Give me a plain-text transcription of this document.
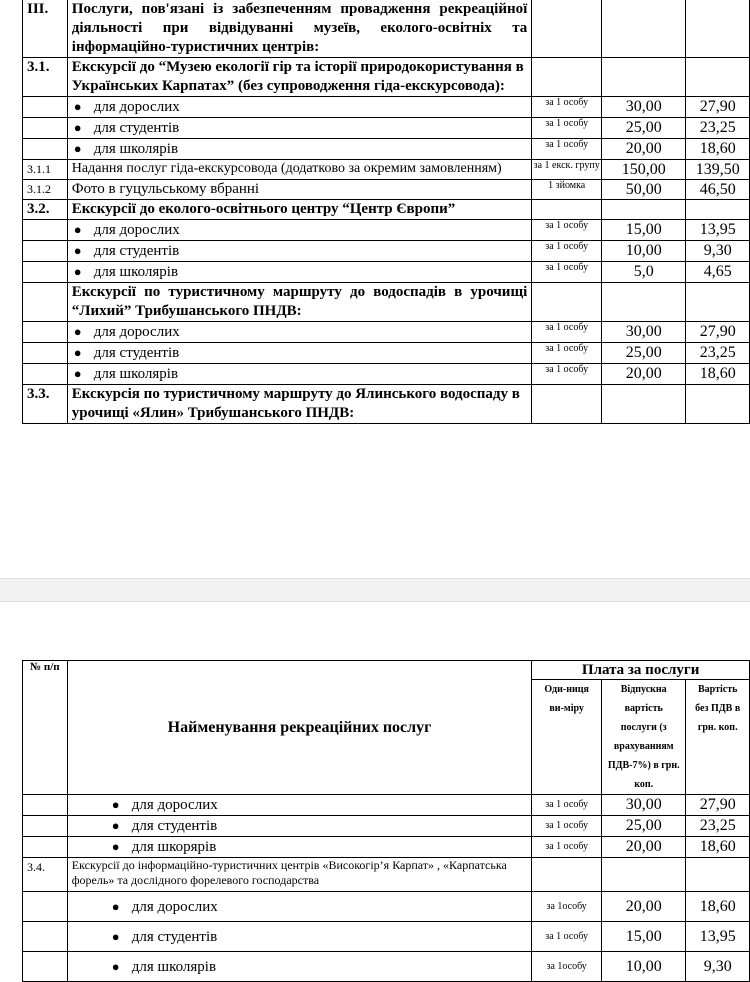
III.	Послуги, пов'язані із забезпеченням провадження рекреаційної діяльності при відвідуванні музеїв, еколого-освітніх та інформаційно-туристичних центрів:			
3.1.	Екскурсії до “Музею екології гір та історії природокористування в Українських Карпатах” (без супроводження гіда-екскурсовода):			
	● для дорослих	за 1 особу	30,00	27,90
	● для студентів	за 1 особу	25,00	23,25
	● для школярів	за 1 особу	20,00	18,60
3.1.1	Надання послуг гіда-екскурсовода (додатково за окремим замовленням)	за 1 екск. групу	150,00	139,50
3.1.2	Фото в гуцульському вбранні	1 зйомка	50,00	46,50
3.2.	Екскурсії до еколого-освітнього центру “Центр Європи”			
	● для дорослих	за 1 особу	15,00	13,95
	● для студентів	за 1 особу	10,00	9,30
	● для школярів	за 1 особу	5,0	4,65
	Екскурсії по туристичному маршруту до водоспадів в урочищі “Лихий” Трибушанського ПНДВ:			
	● для дорослих	за 1 особу	30,00	27,90
	● для студентів	за 1 особу	25,00	23,25
	● для школярів	за 1 особу	20,00	18,60
3.3.	Екскурсія по туристичному маршруту до Ялинського водоспаду в урочищі «Ялин» Трибушанського ПНДВ:			
№ п/п	Найменування рекреаційних послуг	Плата за послуги		
		Оди-ниця ви-міру	Відпускна вартість послуги (з врахуванням ПДВ-7%) в грн. коп.	Вартість без ПДВ в грн. коп.
	● для дорослих	за 1 особу	30,00	27,90
	● для студентів	за 1 особу	25,00	23,25
	● для шкорярів	за 1 особу	20,00	18,60
3.4.	Екскурсії до інформаційно-туристичних центрів «Високогір’я Карпат» , «Карпатська форель» та дослідного форелевого господарства			
	● для дорослих	за 1особу	20,00	18,60
	● для студентів	за 1 особу	15,00	13,95
	● для школярів	за 1особу	10,00	9,30
